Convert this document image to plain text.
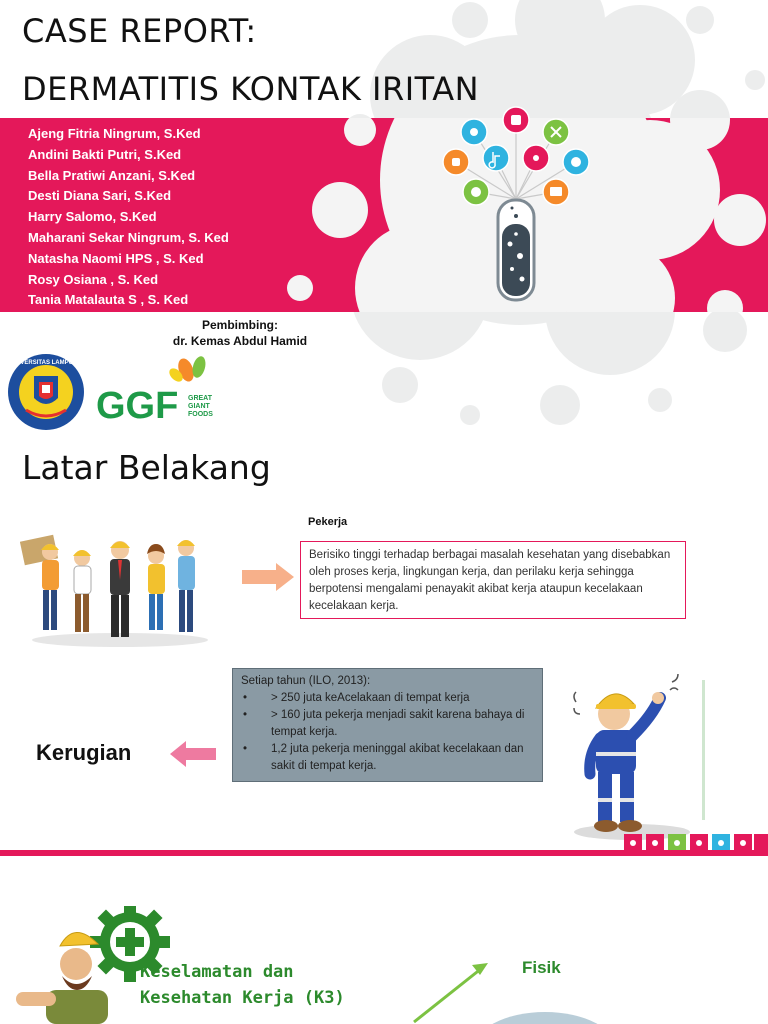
CASE REPORT:
DERMATITIS KONTAK IRITAN
Ajeng Fitria Ningrum, S.Ked
Andini Bakti Putri, S.Ked
Bella Pratiwi Anzani, S.Ked
Desti Diana Sari, S.Ked
Harry Salomo, S.Ked
Maharani Sekar Ningrum, S. Ked
Natasha Naomi HPS , S. Ked
Rosy Osiana , S. Ked
Tania Matalauta S , S. Ked
Pembimbing:
dr. Kemas Abdul Hamid
UNIVERSITAS LAMPUNG
GGF GREAT
GIANT
FOODS
Latar Belakang
Pekerja
Berisiko tinggi terhadap berbagai masalah kesehatan yang disebabkan oleh proses kerja, lingkungan kerja, dan perilaku kerja sehingga berpotensi mengalami penayakit akibat kerja ataupun kecelakaan kecelakaan kerja.
Setiap tahun (ILO, 2013):
• > 250 juta keAcelakaan di tempat kerja
• > 160 juta pekerja menjadi sakit karena bahaya di tempat kerja.
• 1,2 juta pekerja meninggal akibat kecelakaan dan sakit di tempat kerja.
Kerugian
Keselamatan dan
Kesehatan Kerja (K3)
Fisik
